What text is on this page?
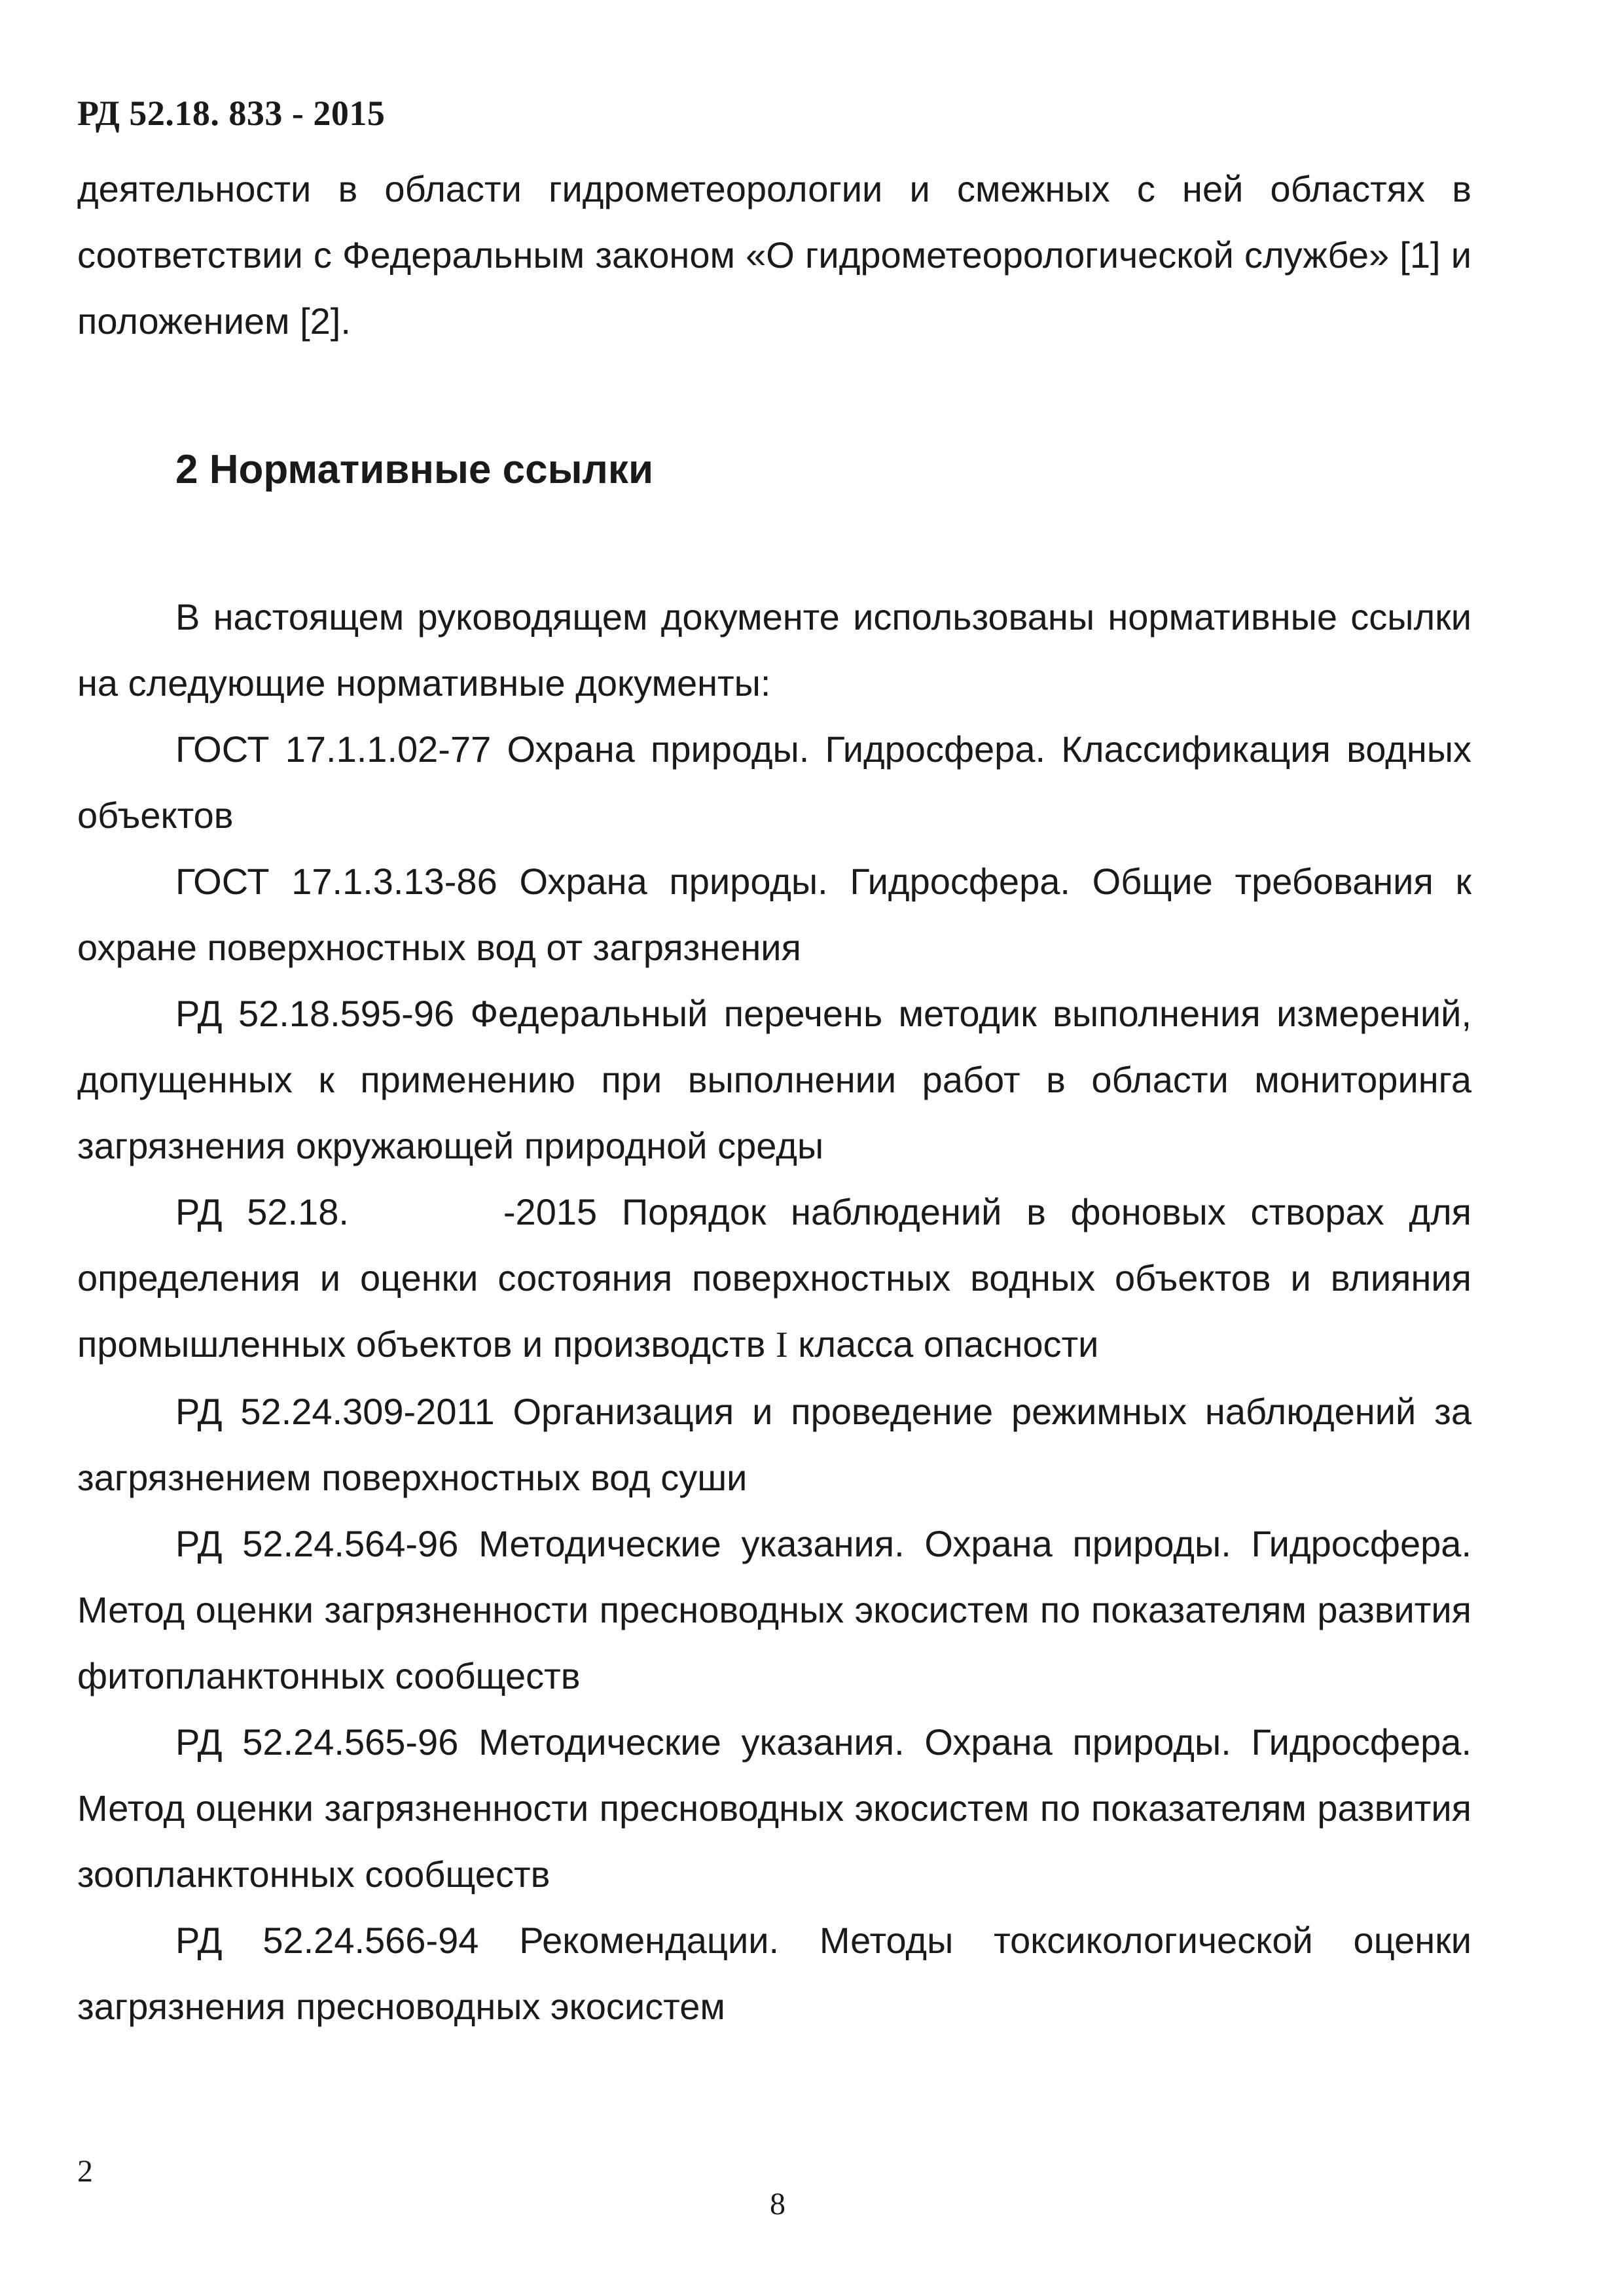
РД 52.18. 833 - 2015

деятельности в области гидрометеорологии и смежных с ней областях в соответствии с Федеральным законом «О гидрометеорологической службе» [1] и положением [2].

2 Нормативные ссылки

В настоящем руководящем документе использованы нормативные ссылки на следующие нормативные документы:

ГОСТ 17.1.1.02-77 Охрана природы. Гидросфера. Классификация водных объектов

ГОСТ 17.1.3.13-86 Охрана природы. Гидросфера. Общие требования к охране поверхностных вод от загрязнения

РД 52.18.595-96 Федеральный перечень методик выполнения измерений, допущенных к применению при выполнении работ в области мониторинга загрязнения окружающей природной среды

РД 52.18.	-2015 Порядок наблюдений в фоновых створах для определения и оценки состояния поверхностных водных объектов и влияния промышленных объектов и производств I класса опасности

РД 52.24.309-2011 Организация и проведение режимных наблюдений за загрязнением поверхностных вод суши

РД 52.24.564-96 Методические указания. Охрана природы. Гидросфера. Метод оценки загрязненности пресноводных экосистем по показателям развития фитопланктонных сообществ

РД 52.24.565-96 Методические указания. Охрана природы. Гидросфера. Метод оценки загрязненности пресноводных экосистем по показателям развития зоопланктонных сообществ

РД 52.24.566-94 Рекомендации. Методы токсикологической оценки загрязнения пресноводных экосистем

2
8
